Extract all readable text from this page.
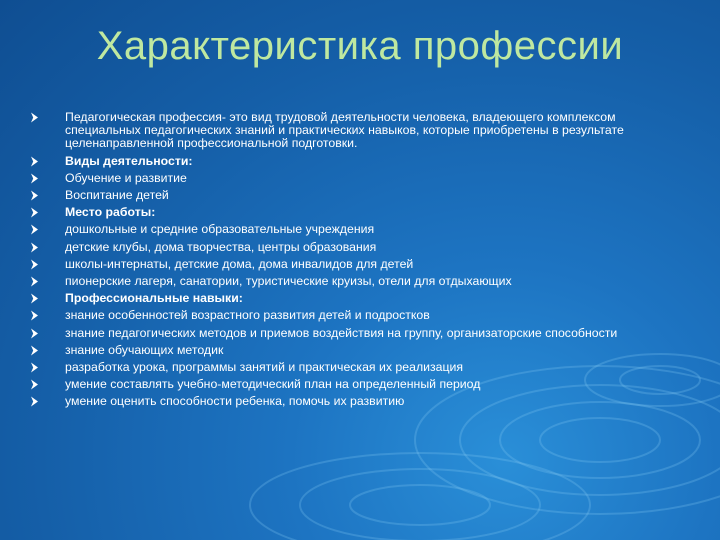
Характеристика профессии
Педагогическая профессия- это вид трудовой деятельности человека, владеющего комплексом специальных педагогических знаний и практических навыков, которые приобретены в результате целенаправленной профессиональной подготовки.
Виды деятельности:
Обучение и развитие
Воспитание детей
Место работы:
дошкольные и средние образовательные учреждения
детские клубы, дома творчества, центры образования
школы-интернаты, детские дома, дома инвалидов для детей
пионерские лагеря, санатории, туристические круизы, отели для отдыхающих
Профессиональные навыки:
знание особенностей возрастного развития детей и подростков
знание педагогических методов и приемов воздействия на группу, организаторские способности
знание обучающих методик
разработка урока, программы занятий и практическая их реализация
умение составлять учебно-методический план на определенный период
умение оценить способности ребенка, помочь их развитию
